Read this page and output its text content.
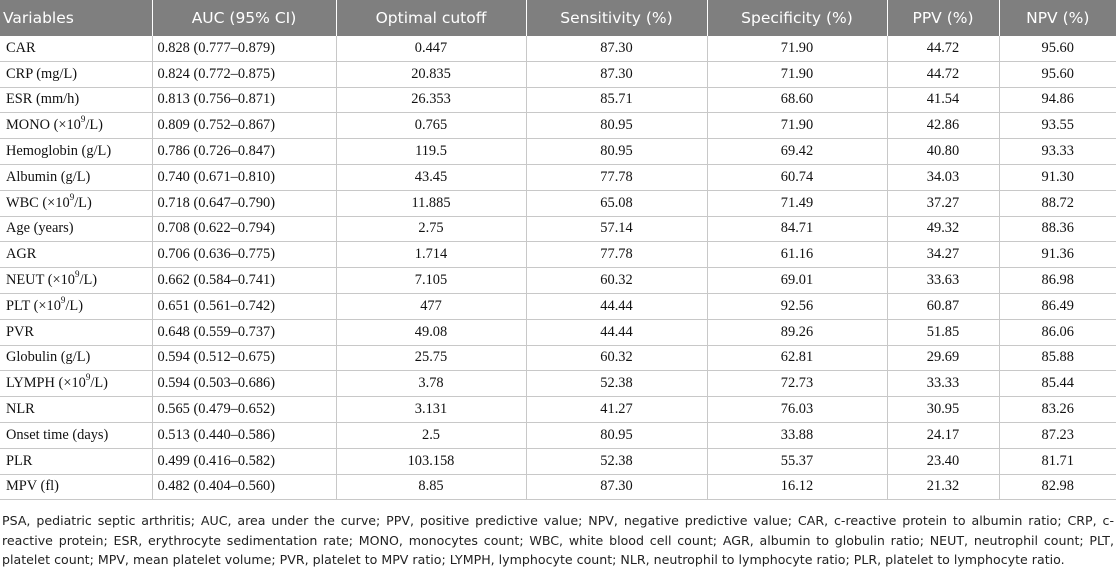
Variables	AUC (95% CI)	Optimal cutoff	Sensitivity (%)	Specificity (%)	PPV (%)	NPV (%)
CAR	0.828 (0.777–0.879)	0.447	87.30	71.90	44.72	95.60
CRP (mg/L)	0.824 (0.772–0.875)	20.835	87.30	71.90	44.72	95.60
ESR (mm/h)	0.813 (0.756–0.871)	26.353	85.71	68.60	41.54	94.86
MONO $(\times 10^9/L)$	0.809 (0.752–0.867)	0.765	80.95	71.90	42.86	93.55
Hemoglobin (g/L)	0.786 (0.726–0.847)	119.5	80.95	69.42	40.80	93.33
Albumin (g/L)	0.740 (0.671–0.810)	43.45	77.78	60.74	34.03	91.30
WBC $(\times 10^9/L)$	0.718 (0.647–0.790)	11.885	65.08	71.49	37.27	88.72
Age (years)	0.708 (0.622–0.794)	2.75	57.14	84.71	49.32	88.36
AGR	0.706 (0.636–0.775)	1.714	77.78	61.16	34.27	91.36
NEUT $(\times 10^9/L)$	0.662 (0.584–0.741)	7.105	60.32	69.01	33.63	86.98
PLT $(\times 10^9/L)$	0.651 (0.561–0.742)	477	44.44	92.56	60.87	86.49
PVR	0.648 (0.559–0.737)	49.08	44.44	89.26	51.85	86.06
Globulin (g/L)	0.594 (0.512–0.675)	25.75	60.32	62.81	29.69	85.88
LYMPH $(\times 10^9/L)$	0.594 (0.503–0.686)	3.78	52.38	72.73	33.33	85.44
NLR	0.565 (0.479–0.652)	3.131	41.27	76.03	30.95	83.26
Onset time (days)	0.513 (0.440–0.586)	2.5	80.95	33.88	24.17	87.23
PLR	0.499 (0.416–0.582)	103.158	52.38	55.37	23.40	81.71
MPV (fl)	0.482 (0.404–0.560)	8.85	87.30	16.12	21.32	82.98

PSA, pediatric septic arthritis; AUC, area under the curve; PPV, positive predictive value; NPV, negative predictive value; CAR, c-reactive protein to albumin ratio; CRP, c-reactive protein; ESR, erythrocyte sedimentation rate; MONO, monocytes count; WBC, white blood cell count; AGR, albumin to globulin ratio; NEUT, neutrophil count; PLT, platelet count; MPV, mean platelet volume; PVR, platelet to MPV ratio; LYMPH, lymphocyte count; NLR, neutrophil to lymphocyte ratio; PLR, platelet to lymphocyte ratio.
